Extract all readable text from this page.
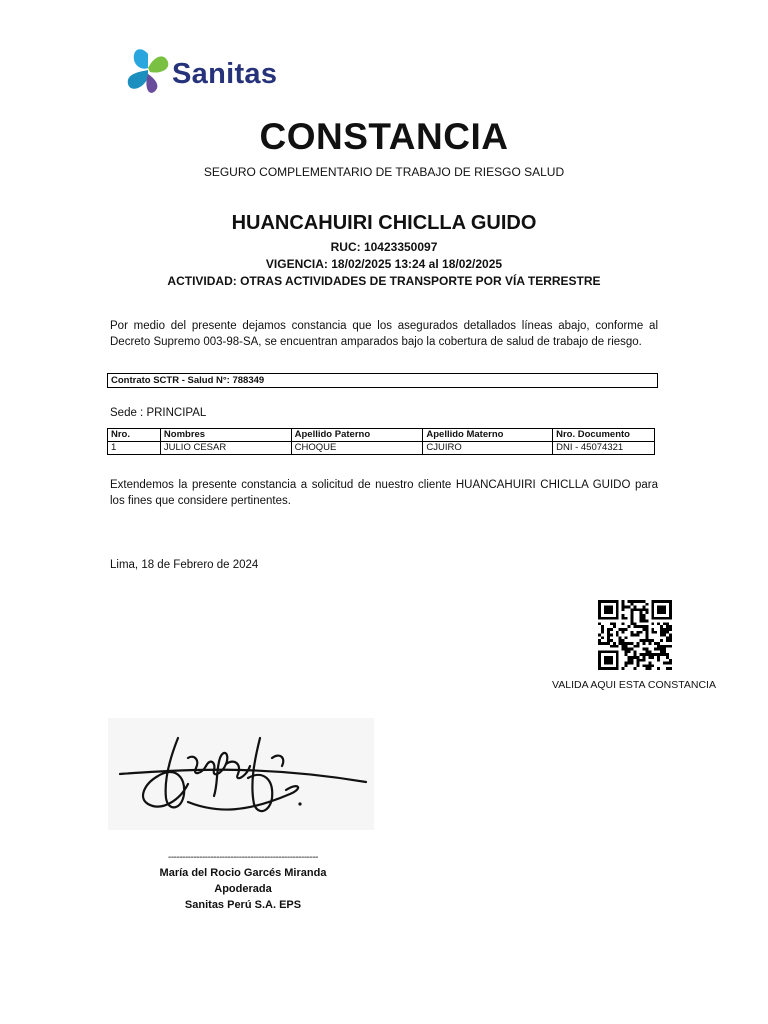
Sanitas
CONSTANCIA
SEGURO COMPLEMENTARIO DE TRABAJO DE RIESGO SALUD
HUANCAHUIRI CHICLLA GUIDO
RUC: 10423350097
VIGENCIA: 18/02/2025 13:24 al 18/02/2025
ACTIVIDAD: OTRAS ACTIVIDADES DE TRANSPORTE POR VÍA TERRESTRE
Por medio del presente dejamos constancia que los asegurados detallados líneas abajo, conforme al Decreto Supremo 003-98-SA, se encuentran amparados bajo la cobertura de salud de trabajo de riesgo.
Contrato SCTR - Salud N°: 788349
Sede : PRINCIPAL
Nro.	Nombres	Apellido Paterno	Apellido Materno	Nro. Documento
1	JULIO CESAR	CHOQUE	CJUIRO	DNI - 45074321
Extendemos la presente constancia a solicitud de nuestro cliente HUANCAHUIRI CHICLLA GUIDO para los fines que considere pertinentes.
Lima, 18 de Febrero de 2024
VALIDA AQUI ESTA CONSTANCIA
-----------------------------------------------------
María del Rocio Garcés Miranda
Apoderada
Sanitas Perú S.A. EPS
